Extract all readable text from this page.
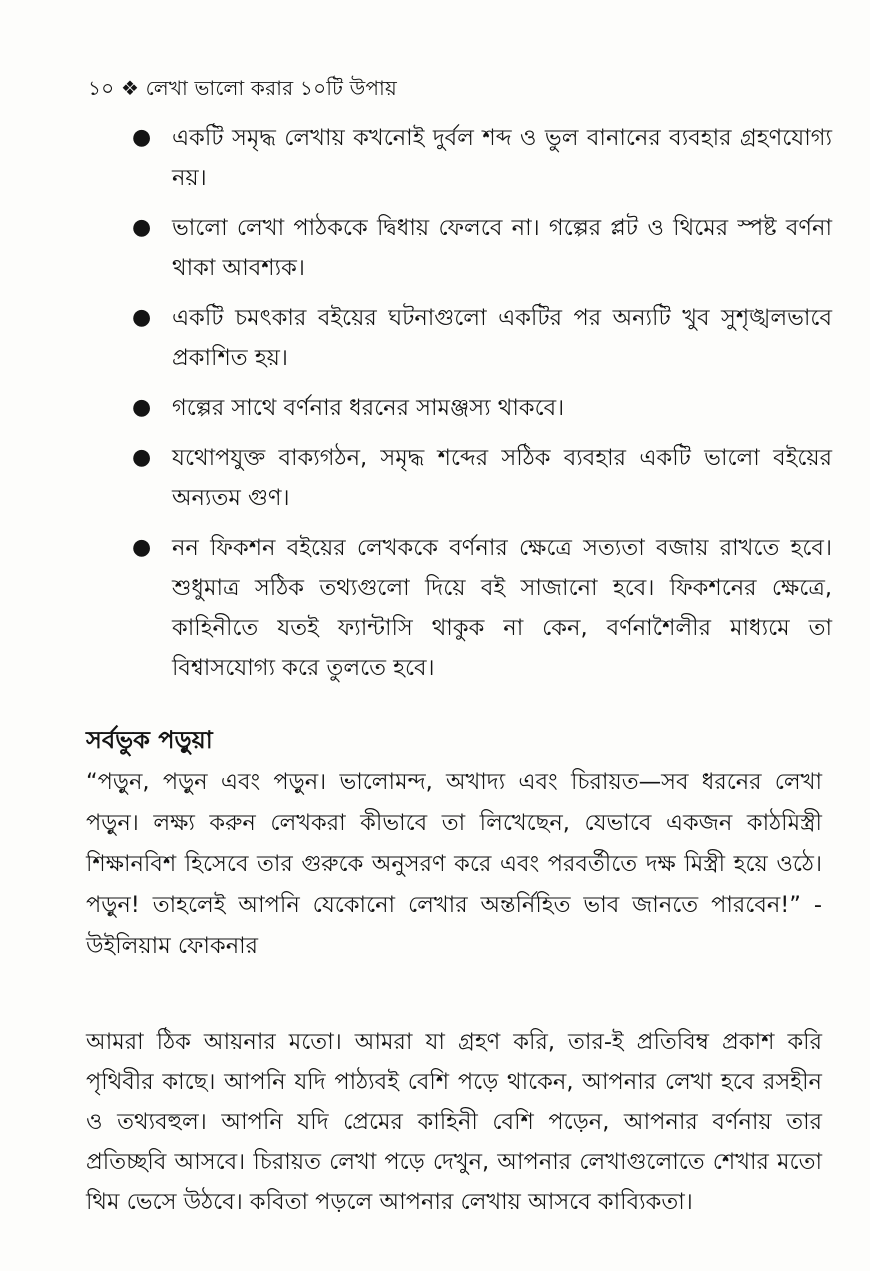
১০ ❖ লেখা ভালো করার ১০টি উপায়
● একটি সমৃদ্ধ লেখায় কখনোই দুর্বল শব্দ ও ভুল বানানের ব্যবহার গ্রহণযোগ্য নয়।
● ভালো লেখা পাঠককে দ্বিধায় ফেলবে না। গল্পের প্লট ও থিমের স্পষ্ট বর্ণনা থাকা আবশ্যক।
● একটি চমৎকার বইয়ের ঘটনাগুলো একটির পর অন্যটি খুব সুশৃঙ্খলভাবে প্রকাশিত হয়।
● গল্পের সাথে বর্ণনার ধরনের সামঞ্জস্য থাকবে।
● যথোপযুক্ত বাক্যগঠন, সমৃদ্ধ শব্দের সঠিক ব্যবহার একটি ভালো বইয়ের অন্যতম গুণ।
● নন ফিকশন বইয়ের লেখককে বর্ণনার ক্ষেত্রে সত্যতা বজায় রাখতে হবে। শুধুমাত্র সঠিক তথ্যগুলো দিয়ে বই সাজানো হবে। ফিকশনের ক্ষেত্রে, কাহিনীতে যতই ফ্যান্টাসি থাকুক না কেন, বর্ণনাশৈলীর মাধ্যমে তা বিশ্বাসযোগ্য করে তুলতে হবে।
সর্বভুক পড়ুয়া
“পড়ুন, পড়ুন এবং পড়ুন। ভালোমন্দ, অখাদ্য এবং চিরায়ত—সব ধরনের লেখা পড়ুন। লক্ষ্য করুন লেখকরা কীভাবে তা লিখেছেন, যেভাবে একজন কাঠমিস্ত্রী শিক্ষানবিশ হিসেবে তার গুরুকে অনুসরণ করে এবং পরবর্তীতে দক্ষ মিস্ত্রী হয়ে ওঠে। পড়ুন! তাহলেই আপনি যেকোনো লেখার অন্তর্নিহিত ভাব জানতে পারবেন!” - উইলিয়াম ফোকনার
আমরা ঠিক আয়নার মতো। আমরা যা গ্রহণ করি, তার-ই প্রতিবিম্ব প্রকাশ করি পৃথিবীর কাছে। আপনি যদি পাঠ্যবই বেশি পড়ে থাকেন, আপনার লেখা হবে রসহীন ও তথ্যবহুল। আপনি যদি প্রেমের কাহিনী বেশি পড়েন, আপনার বর্ণনায় তার প্রতিচ্ছবি আসবে। চিরায়ত লেখা পড়ে দেখুন, আপনার লেখাগুলোতে শেখার মতো থিম ভেসে উঠবে। কবিতা পড়লে আপনার লেখায় আসবে কাব্যিকতা।
